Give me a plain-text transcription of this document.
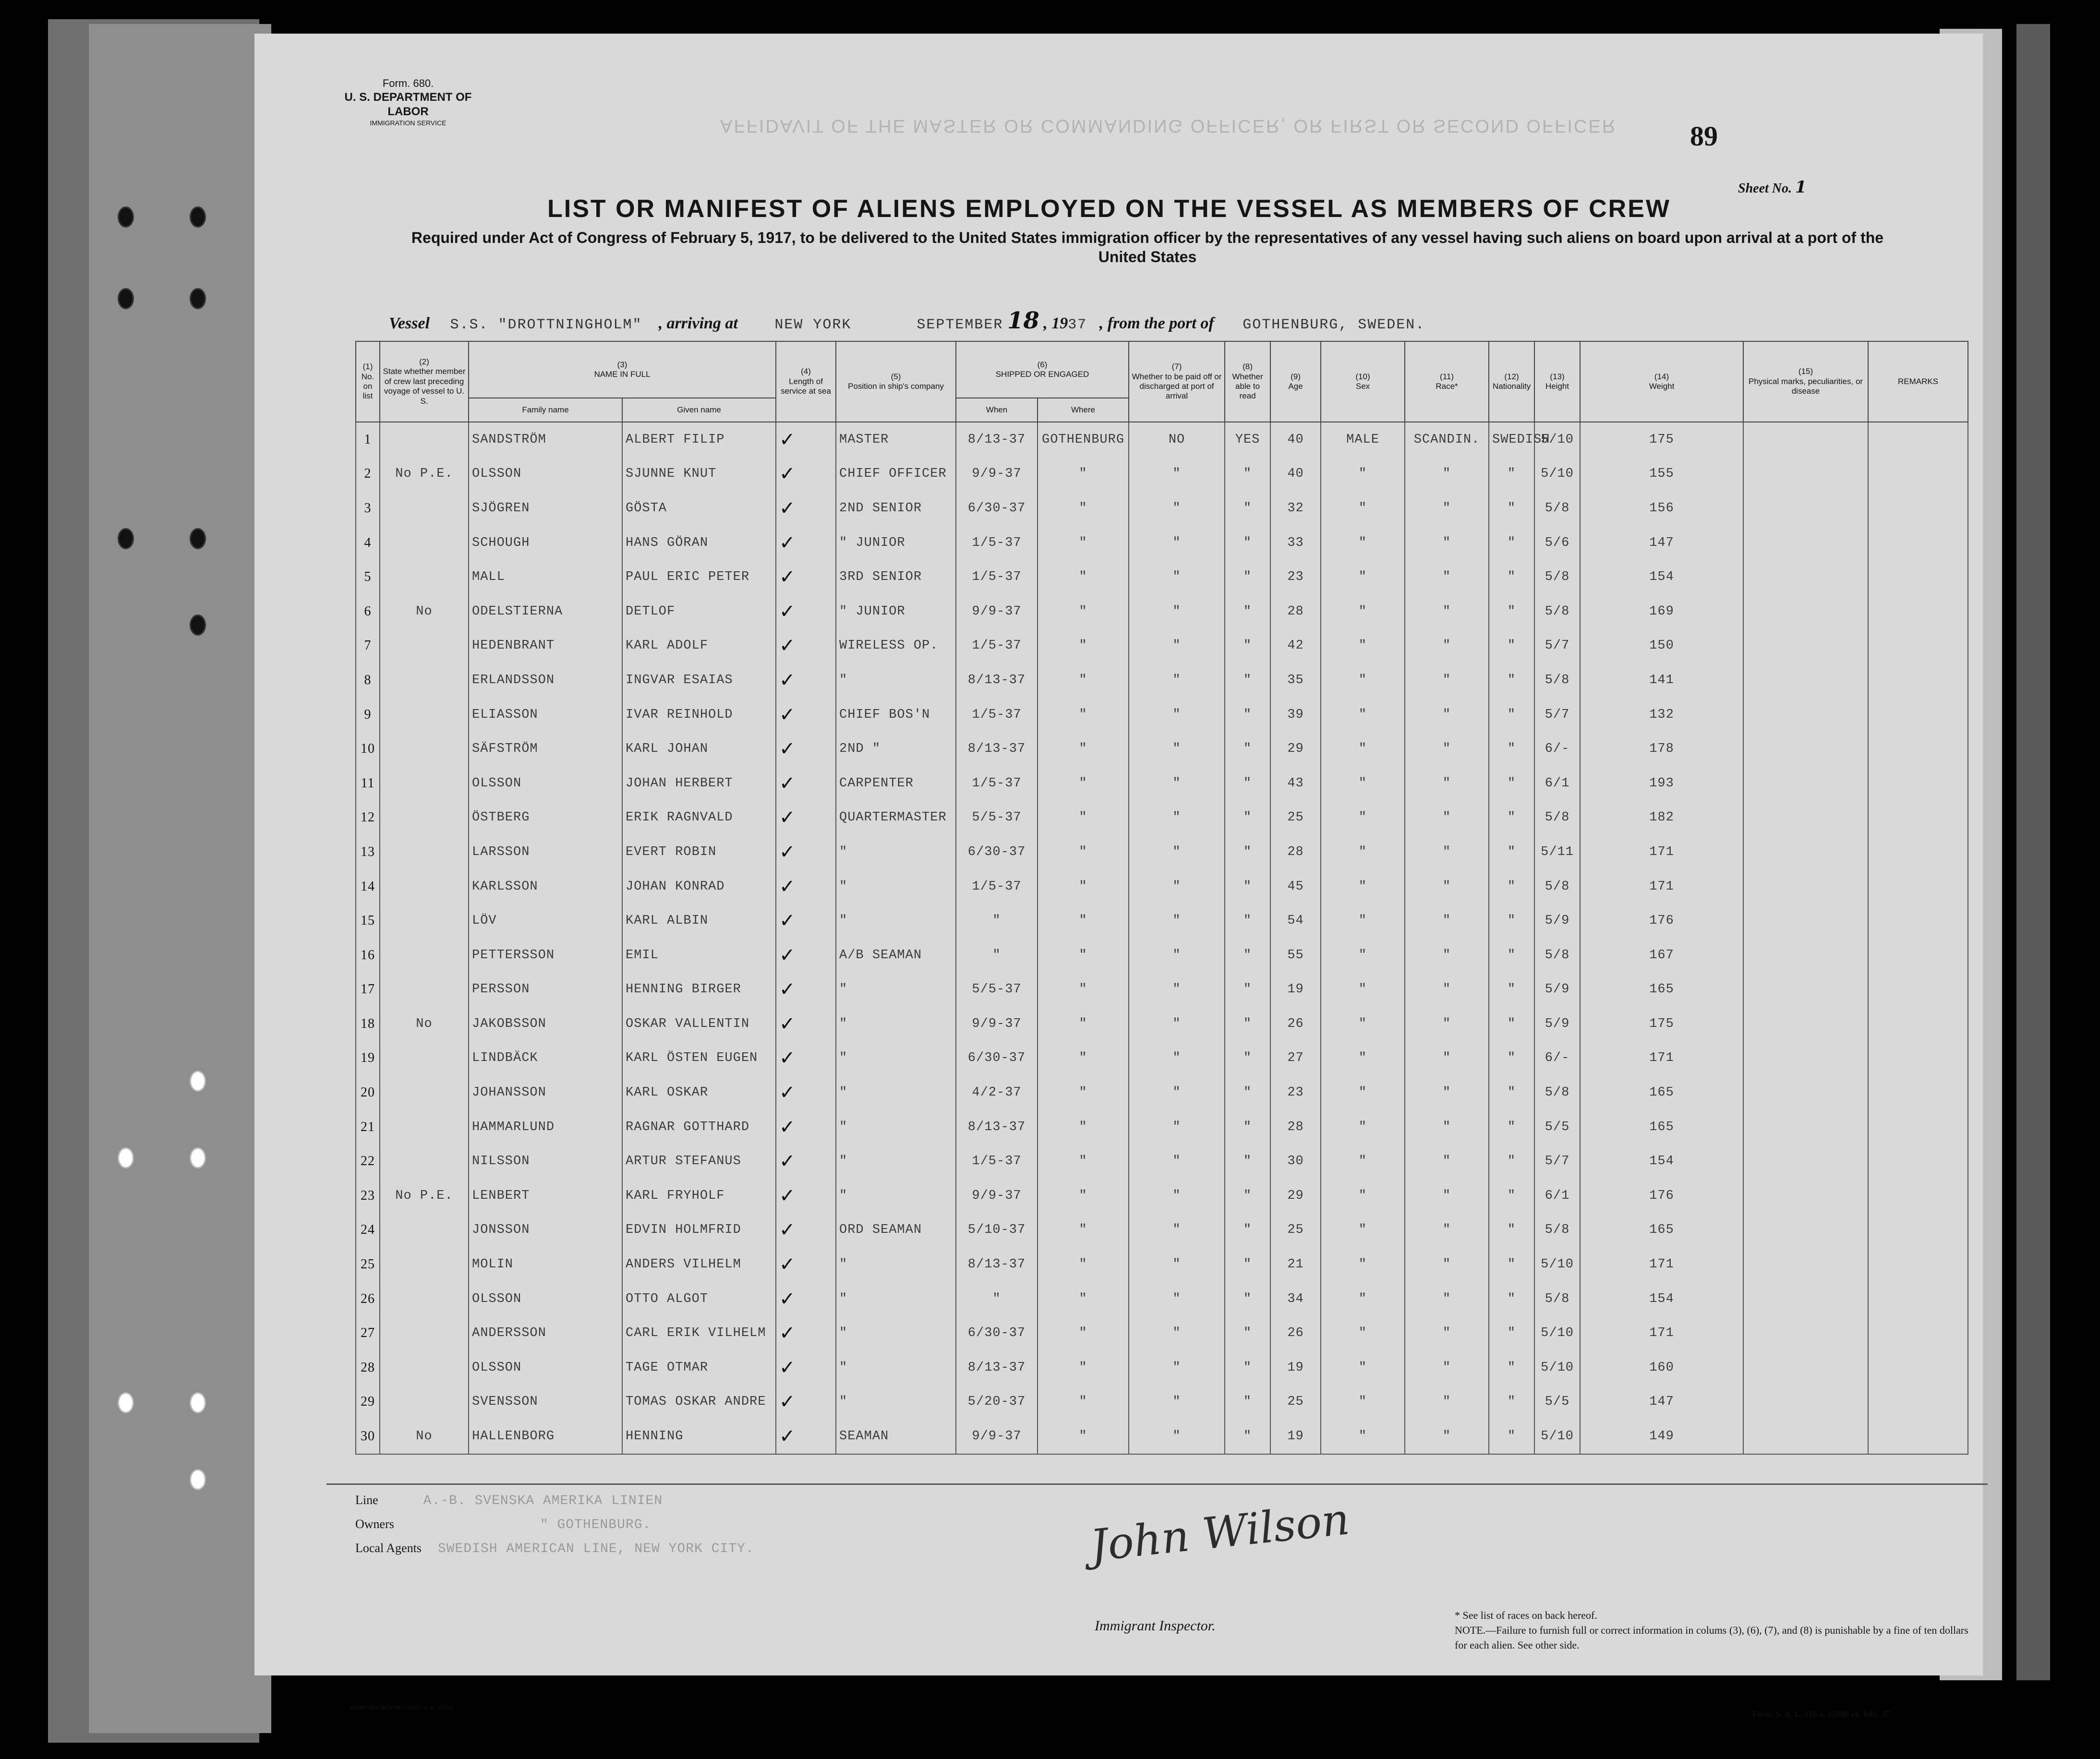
Form. 680.
U. S. DEPARTMENT OF LABOR
IMMIGRATION SERVICE	AFFIDAVIT OF THE MASTER OR COMMANDING OFFICER, OR FIRST OR SECOND OFFICER	89
Sheet No. 1
LIST OR MANIFEST OF ALIENS EMPLOYED ON THE VESSEL AS MEMBERS OF CREW
Required under Act of Congress of February 5, 1917, to be delivered to the United States immigration officer by the representatives of any vessel having such aliens on board upon arrival at a port of the United States
Vessel S.S. "DROTTNINGHOLM" , arriving at	NEW YORK	SEPTEMBER 18 , 1937 , from the port of GOTHENBURG, SWEDEN.
(1)
No. on list	(2)
State whether member of crew last preceding voyage of vessel to U. S.	(3)
NAME IN FULL		(4)
Length of service at sea	(5)
Position in ship's company	(6)
SHIPPED OR ENGAGED		(7)
Whether to be paid off or discharged at port of arrival	(8)
Whether able to read	(9)
Age	(10)
Sex	(11)
Race*	(12)
Nationality	(13)
Height	(14)
Weight	(15)
Physical marks, peculiarities, or disease	REMARKS

		Family name	Given name			When	Where										
1		SANDSTRÖM	ALBERT FILIP	✓	MASTER	8/13-37	GOTHENBURG	NO	YES	40	MALE	SCANDIN.	SWEDISH	5/10	175		
2	No P.E.	OLSSON	SJUNNE KNUT	✓	CHIEF OFFICER	9/9-37	"	"	"	40	"	"	"	5/10	155		
3		SJÖGREN	GÖSTA	✓	2ND SENIOR	6/30-37	"	"	"	32	"	"	"	5/8	156		
4		SCHOUGH	HANS GÖRAN	✓	" JUNIOR	1/5-37	"	"	"	33	"	"	"	5/6	147		
5		MALL	PAUL ERIC PETER	✓	3RD SENIOR	1/5-37	"	"	"	23	"	"	"	5/8	154		
6	No	ODELSTIERNA	DETLOF	✓	" JUNIOR	9/9-37	"	"	"	28	"	"	"	5/8	169		
7		HEDENBRANT	KARL ADOLF	✓	WIRELESS OP.	1/5-37	"	"	"	42	"	"	"	5/7	150		
8		ERLANDSSON	INGVAR ESAIAS	✓	"	8/13-37	"	"	"	35	"	"	"	5/8	141		
9		ELIASSON	IVAR REINHOLD	✓	CHIEF BOS'N	1/5-37	"	"	"	39	"	"	"	5/7	132		
10		SÄFSTRÖM	KARL JOHAN	✓	2ND "	8/13-37	"	"	"	29	"	"	"	6/-	178		
11		OLSSON	JOHAN HERBERT	✓	CARPENTER	1/5-37	"	"	"	43	"	"	"	6/1	193		
12		ÖSTBERG	ERIK RAGNVALD	✓	QUARTERMASTER	5/5-37	"	"	"	25	"	"	"	5/8	182		
13		LARSSON	EVERT ROBIN	✓	"	6/30-37	"	"	"	28	"	"	"	5/11	171		
14		KARLSSON	JOHAN KONRAD	✓	"	1/5-37	"	"	"	45	"	"	"	5/8	171		
15		LÖV	KARL ALBIN	✓	"	"	"	"	"	54	"	"	"	5/9	176		
16		PETTERSSON	EMIL	✓	A/B SEAMAN	"	"	"	"	55	"	"	"	5/8	167		
17		PERSSON	HENNING BIRGER	✓	"	5/5-37	"	"	"	19	"	"	"	5/9	165		
18	No	JAKOBSSON	OSKAR VALLENTIN	✓	"	9/9-37	"	"	"	26	"	"	"	5/9	175		
19		LINDBÄCK	KARL ÖSTEN EUGEN	✓	"	6/30-37	"	"	"	27	"	"	"	6/-	171		
20		JOHANSSON	KARL OSKAR	✓	"	4/2-37	"	"	"	23	"	"	"	5/8	165		
21		HAMMARLUND	RAGNAR GOTTHARD	✓	"	8/13-37	"	"	"	28	"	"	"	5/5	165		
22		NILSSON	ARTUR STEFANUS	✓	"	1/5-37	"	"	"	30	"	"	"	5/7	154		
23	No P.E.	LENBERT	KARL FRYHOLF	✓	"	9/9-37	"	"	"	29	"	"	"	6/1	176		
24		JONSSON	EDVIN HOLMFRID	✓	ORD SEAMAN	5/10-37	"	"	"	25	"	"	"	5/8	165		
25		MOLIN	ANDERS VILHELM	✓	"	8/13-37	"	"	"	21	"	"	"	5/10	171		
26		OLSSON	OTTO ALGOT	✓	"	"	"	"	"	34	"	"	"	5/8	154		
27		ANDERSSON	CARL ERIK VILHELM	✓	"	6/30-37	"	"	"	26	"	"	"	5/10	171		
28		OLSSON	TAGE OTMAR	✓	"	8/13-37	"	"	"	19	"	"	"	5/10	160		
29		SVENSSON	TOMAS OSKAR ANDRE	✓	"	5/20-37	"	"	"	25	"	"	"	5/5	147		
30	No	HALLENBORG	HENNING	✓	SEAMAN	9/9-37	"	"	"	19	"	"	"	5/10	149		
Line	A.-B. SVENSKA AMERIKA LINIEN
Owners	" GOTHENBURG.
Local Agents SWEDISH AMERICAN LINE, NEW YORK CITY.	John Wilson
Immigrant Inspector.
* See list of races on back hereof.
NOTE.—Failure to furnish full or correct information in colums (3), (6), (7), and (8) is punishable by a fine of ten dollars for each alien. See other side.
Form. S. A. L. 116 a. 15000 ex. febr. 37.
GRAFISKA BOKTRYCKERI A.-B. 33194
